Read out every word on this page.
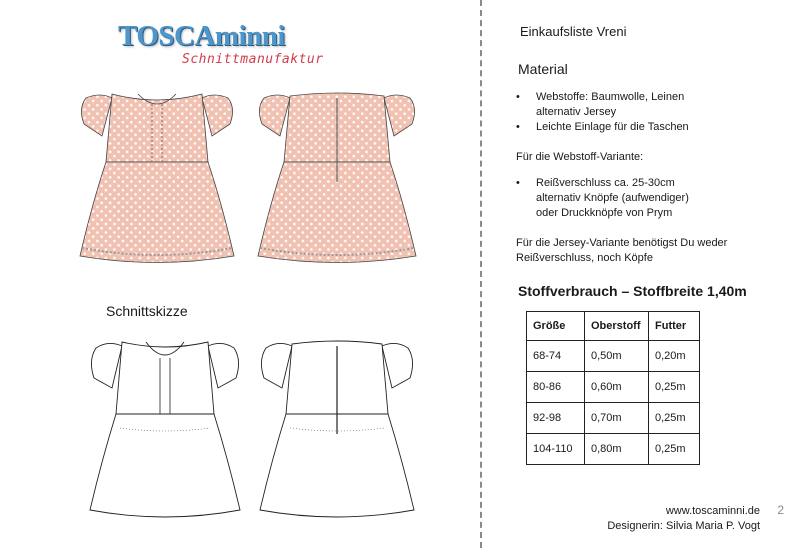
TOSCAminni
Schnittmanufaktur
Schnittskizze
Einkaufsliste Vreni
Material
• Webstoffe: Baumwolle, Leinen
alternativ Jersey
• Leichte Einlage für die Taschen
Für die Webstoff-Variante:
• Reißverschluss ca. 25-30cm
alternativ Knöpfe (aufwendiger)
oder Druckknöpfe von Prym
Für die Jersey-Variante benötigst Du weder Reißverschluss, noch Köpfe
Stoffverbrauch – Stoffbreite 1,40m
Größe	Oberstoff	Futter
68-74	0,50m	0,20m
80-86	0,60m	0,25m
92-98	0,70m	0,25m
104-110	0,80m	0,25m
www.toscaminni.de
Designerin: Silvia Maria P. Vogt
2
